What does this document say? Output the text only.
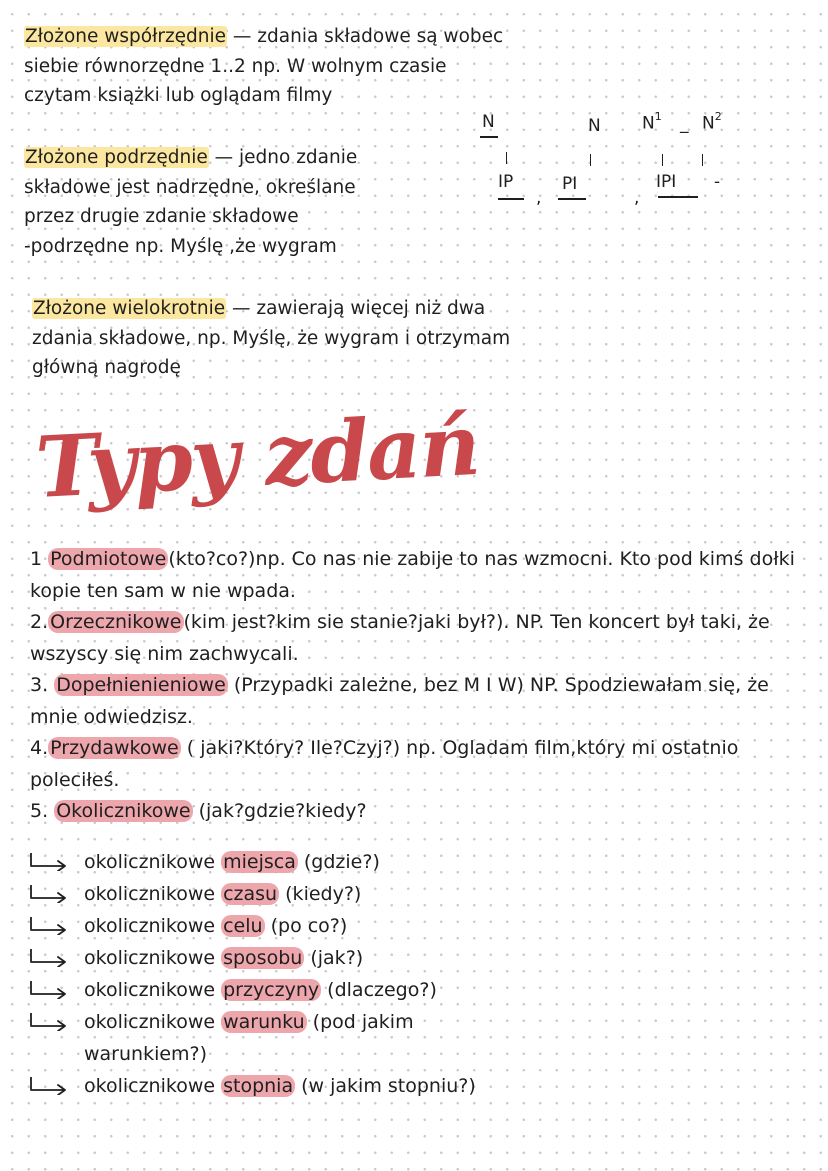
Złożone współrzędnie — zdania składowe są wobec
siebie równorzędne 1..2 np. W wolnym czasie
czytam książki lub oglądam filmy
Złożone podrzędnie — jedno zdanie
składowe jest nadrzędne, określane
przez drugie zdanie składowe
-podrzędne np. Myślę ,że wygram
Złożone wielokrotnie — zawierają więcej niż dwa
zdania składowe, np. Myślę, że wygram i otrzymam
główną nagrodę
N
IP
,
N
PI
,
$N^1$ _ $N^2$
IPI -
Typy zdań

1 Podmiotowe (kto?co?)np. Co nas nie zabije to nas wzmocni. Kto pod kimś dołki kopie ten sam w nie wpada.

2. Orzecznikowe (kim jest?kim sie stanie?jaki był?). NP. Ten koncert był taki, że wszyscy się nim zachwycali.

3. Dopełnienieniowe (Przypadki zależne, bez M I W) NP. Spodziewałam się, że mnie odwiedzisz.

4. Przydawkowe ( jaki?Który? Ile?Czyj?) np. Ogladam film,który mi ostatnio poleciłeś.

5. Okolicznikowe (jak?gdzie?kiedy?

okolicznikowe miejsca (gdzie?)
okolicznikowe czasu (kiedy?)
okolicznikowe celu (po co?)
okolicznikowe sposobu (jak?)
okolicznikowe przyczyny (dlaczego?)
okolicznikowe warunku (pod jakim
warunkiem?)
okolicznikowe stopnia (w jakim stopniu?)
